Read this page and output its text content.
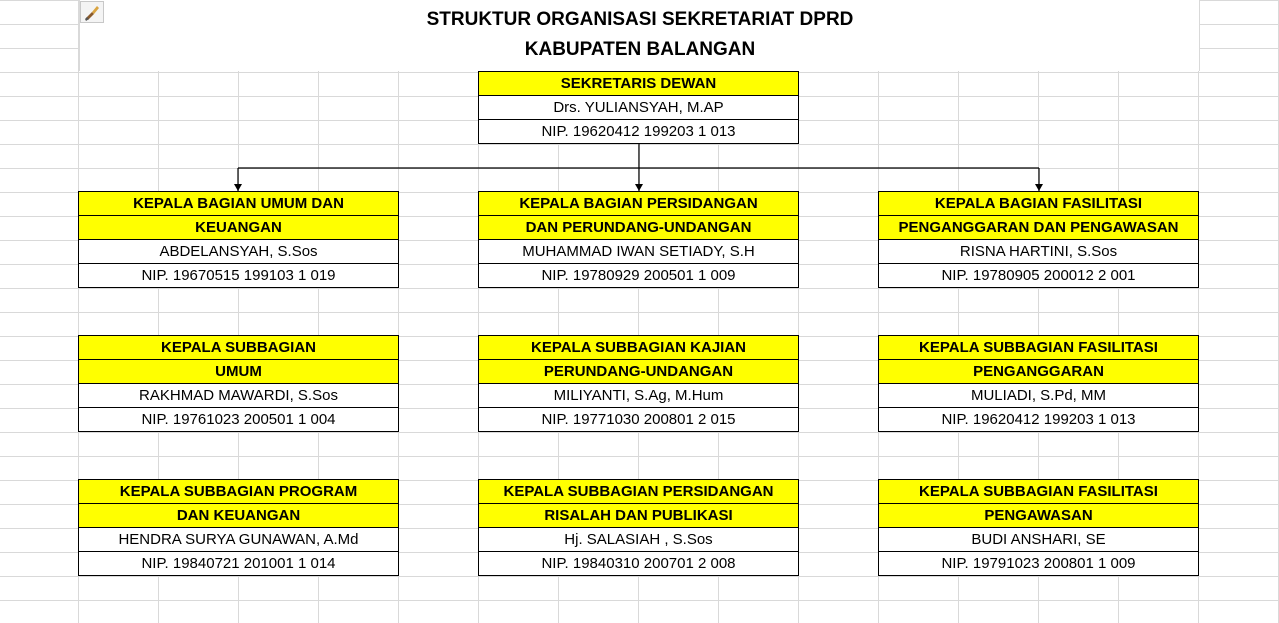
STRUKTUR ORGANISASI SEKRETARIAT DPRD
KABUPATEN BALANGAN
SEKRETARIS DEWAN
Drs. YULIANSYAH, M.AP
NIP. 19620412 199203 1 013
KEPALA BAGIAN UMUM DAN
KEUANGAN
ABDELANSYAH, S.Sos
NIP. 19670515 199103 1 019
KEPALA BAGIAN PERSIDANGAN
DAN PERUNDANG-UNDANGAN
MUHAMMAD IWAN SETIADY, S.H
NIP. 19780929 200501 1 009
KEPALA BAGIAN FASILITASI
PENGANGGARAN DAN PENGAWASAN
RISNA HARTINI, S.Sos
NIP. 19780905 200012 2 001
KEPALA SUBBAGIAN
UMUM
RAKHMAD MAWARDI, S.Sos
NIP. 19761023 200501 1 004
KEPALA SUBBAGIAN KAJIAN
PERUNDANG-UNDANGAN
MILIYANTI, S.Ag, M.Hum
NIP. 19771030 200801 2 015
KEPALA SUBBAGIAN FASILITASI
PENGANGGARAN
MULIADI, S.Pd, MM
NIP. 19620412 199203 1 013
KEPALA SUBBAGIAN PROGRAM
DAN KEUANGAN
HENDRA SURYA GUNAWAN, A.Md
NIP. 19840721 201001 1 014
KEPALA SUBBAGIAN PERSIDANGAN
RISALAH DAN PUBLIKASI
Hj. SALASIAH , S.Sos
NIP. 19840310 200701 2 008
KEPALA SUBBAGIAN FASILITASI
PENGAWASAN
BUDI ANSHARI, SE
NIP. 19791023 200801 1 009
